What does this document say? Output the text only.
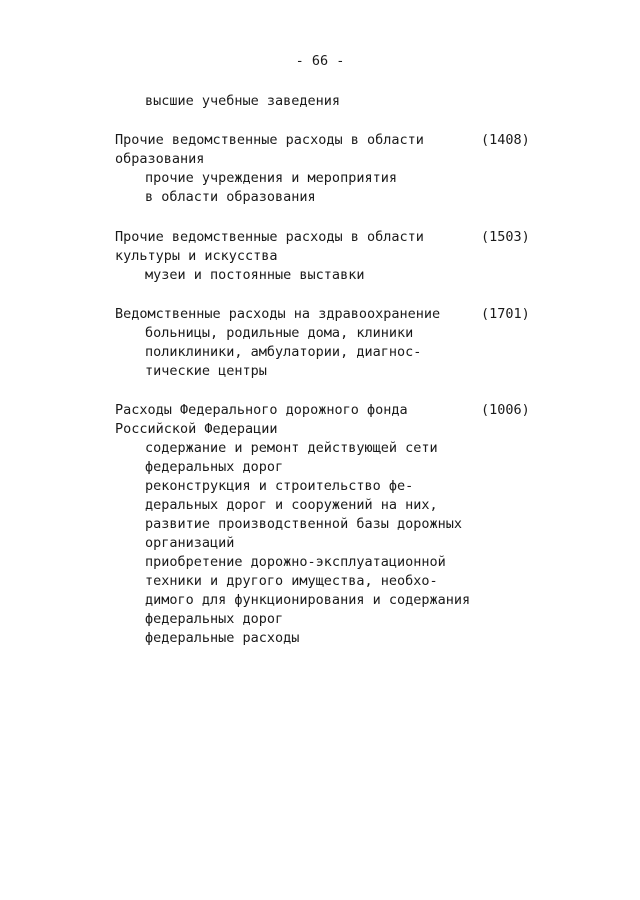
- 66 -
высшие учебные заведения
Прочие ведомственные расходы в области	(1408)
образования
прочие учреждения и мероприятия
в области образования
Прочие ведомственные расходы в области	(1503)
культуры и искусства
музеи и постоянные выставки
Ведомственные расходы на здравоохранение	(1701)
больницы, родильные дома, клиники
поликлиники, амбулатории, диагнос-
тические центры
Расходы Федерального дорожного фонда	(1006)
Российской Федерации
содержание и ремонт действующей сети
федеральных дорог
реконструкция и строительство фе-
деральных дорог и сооружений на них,
развитие производственной базы дорожных
организаций
приобретение дорожно-эксплуатационной
техники и другого имущества, необхо-
димого для функционирования и содержания
федеральных дорог
федеральные расходы
